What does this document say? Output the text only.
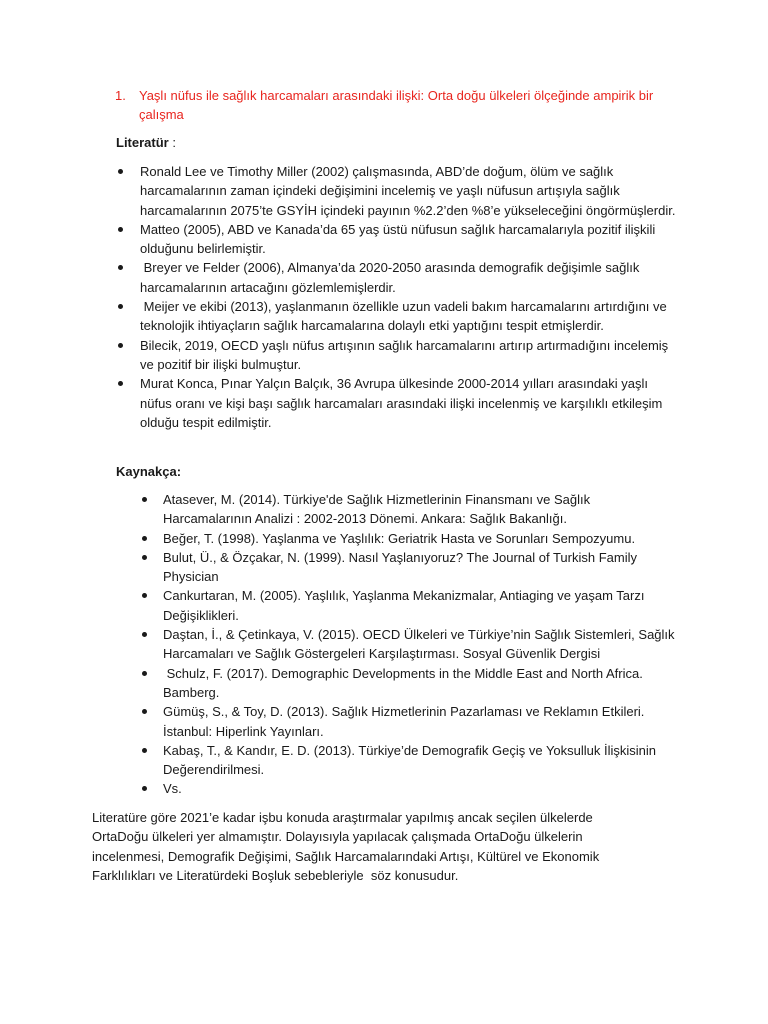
1. Yaşlı nüfus ile sağlık harcamaları arasındaki ilişki: Orta doğu ülkeleri ölçeğinde ampirik bir çalışma
Literatür :
Ronald Lee ve Timothy Miller (2002) çalışmasında, ABD’de doğum, ölüm ve sağlık harcamalarının zaman içindeki değişimini incelemiş ve yaşlı nüfusun artışıyla sağlık harcamalarının 2075’te GSYİH içindeki payının %2.2’den %8’e yükseleceğini öngörmüşlerdir.
Matteo (2005), ABD ve Kanada’da 65 yaş üstü nüfusun sağlık harcamalarıyla pozitif ilişkili olduğunu belirlemiştir.
Breyer ve Felder (2006), Almanya’da 2020-2050 arasında demografik değişimle sağlık harcamalarının artacağını gözlemlemişlerdir.
Meijer ve ekibi (2013), yaşlanmanın özellikle uzun vadeli bakım harcamalarını artırdığını ve teknolojik ihtiyaçların sağlık harcamalarına dolaylı etki yaptığını tespit etmişlerdir.
Bilecik, 2019, OECD yaşlı nüfus artışının sağlık harcamalarını artırıp artırmadığını incelemiş ve pozitif bir ilişki bulmuştur.
Murat Konca, Pınar Yalçın Balçık, 36 Avrupa ülkesinde 2000-2014 yılları arasındaki yaşlı nüfus oranı ve kişi başı sağlık harcamaları arasındaki ilişki incelenmiş ve karşılıklı etkileşim olduğu tespit edilmiştir.
Kaynakça:
Atasever, M. (2014). Türkiye'de Sağlık Hizmetlerinin Finansmanı ve Sağlık Harcamalarının Analizi : 2002-2013 Dönemi. Ankara: Sağlık Bakanlığı.
Beğer, T. (1998). Yaşlanma ve Yaşlılık: Geriatrik Hasta ve Sorunları Sempozyumu.
Bulut, Ü., & Özçakar, N. (1999). Nasıl Yaşlanıyoruz? The Journal of Turkish Family Physician
Cankurtaran, M. (2005). Yaşlılık, Yaşlanma Mekanizmalar, Antiaging ve yaşam Tarzı Değişiklikleri.
Daştan, İ., & Çetinkaya, V. (2015). OECD Ülkeleri ve Türkiye’nin Sağlık Sistemleri, Sağlık Harcamaları ve Sağlık Göstergeleri Karşılaştırması. Sosyal Güvenlik Dergisi
Schulz, F. (2017). Demographic Developments in the Middle East and North Africa. Bamberg.
Gümüş, S., & Toy, D. (2013). Sağlık Hizmetlerinin Pazarlaması ve Reklamın Etkileri. İstanbul: Hiperlink Yayınları.
Kabaş, T., & Kandır, E. D. (2013). Türkiye’de Demografik Geçiş ve Yoksulluk İlişkisinin Değerendirilmesi.
Vs.
Literatüre göre 2021’e kadar işbu konuda araştırmalar yapılmış ancak seçilen ülkelerde OrtaDoğu ülkeleri yer almamıştır. Dolayısıyla yapılacak çalışmada OrtaDoğu ülkelerin incelenmesi, Demografik Değişimi, Sağlık Harcamalarındaki Artışı, Kültürel ve Ekonomik Farklılıkları ve Literatürdeki Boşluk sebebleriyle  söz konusudur.
